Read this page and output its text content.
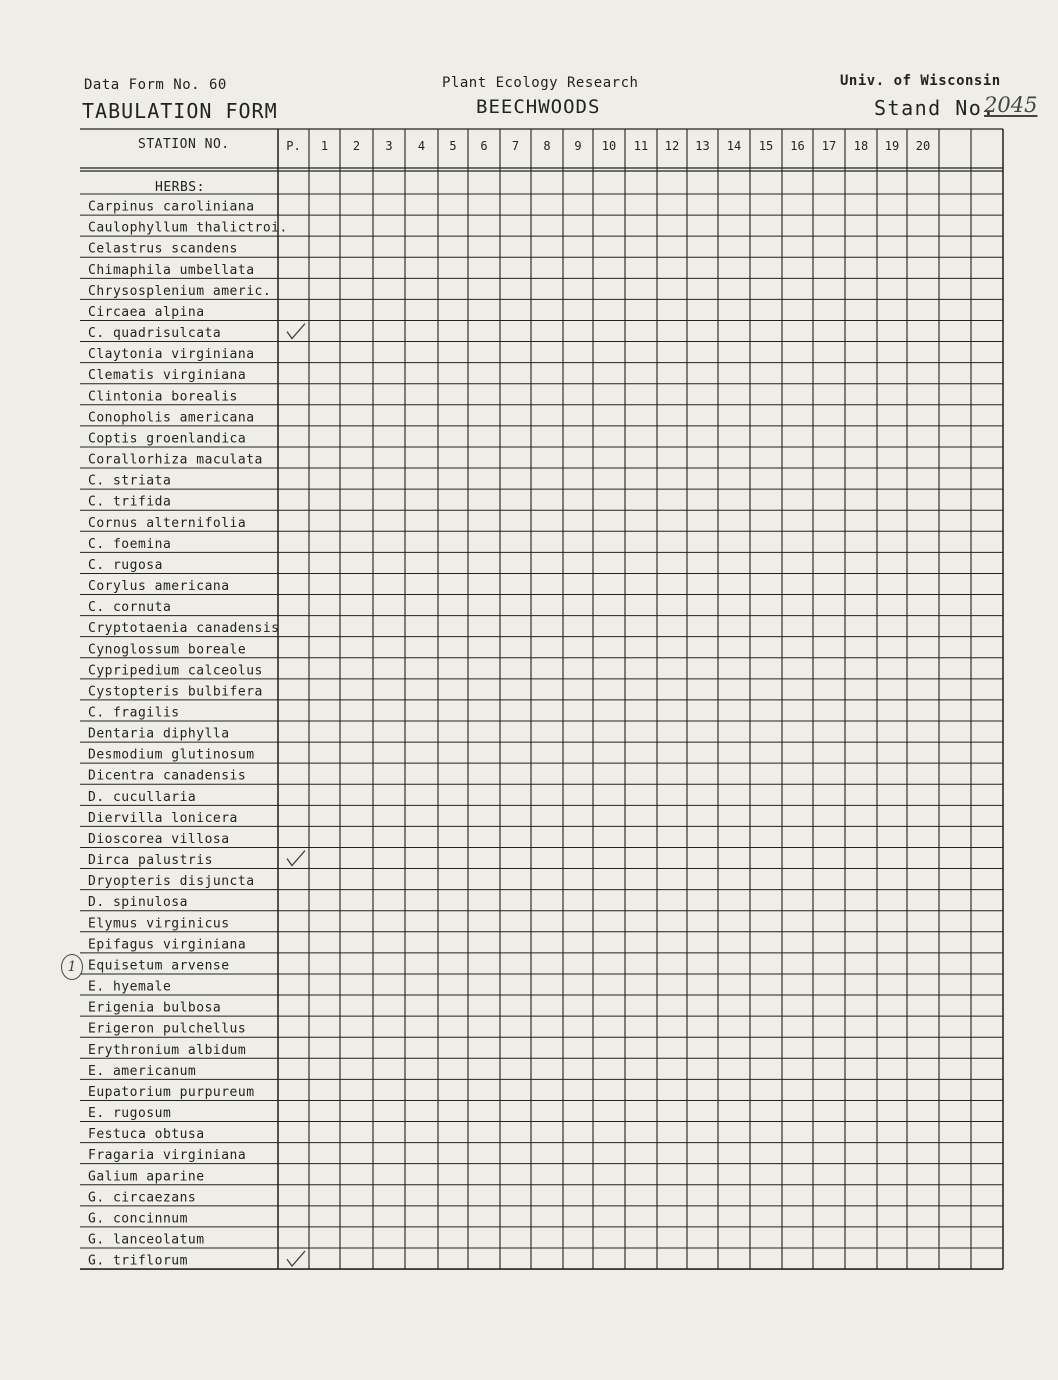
Data Form No. 60
TABULATION FORM
Plant Ecology Research
BEECHWOODS
Univ. of Wisconsin
Stand No.
2045
STATION NO.	P. 1 2 3 4 5 6 7 8 9 10 11 12 13 14 15 16 17 18 19 20
HERBS:
Carpinus caroliniana
Caulophyllum thalictroi.
Celastrus scandens
Chimaphila umbellata
Chrysosplenium americ.
Circaea alpina
C. quadrisulcata
Claytonia virginiana
Clematis virginiana
Clintonia borealis
Conopholis americana
Coptis groenlandica
Corallorhiza maculata
C. striata
C. trifida
Cornus alternifolia
C. foemina
C. rugosa
Corylus americana
C. cornuta
Cryptotaenia canadensis
Cynoglossum boreale
Cypripedium calceolus
Cystopteris bulbifera
C. fragilis
Dentaria diphylla
Desmodium glutinosum
Dicentra canadensis
D. cucullaria
Diervilla lonicera
Dioscorea villosa
Dirca palustris
Dryopteris disjuncta
D. spinulosa
Elymus virginicus
Epifagus virginiana
Equisetum arvense
E. hyemale
Erigenia bulbosa
Erigeron pulchellus
Erythronium albidum
E. americanum
Eupatorium purpureum
E. rugosum
Festuca obtusa
Fragaria virginiana
Galium aparine
G. circaezans
G. concinnum
G. lanceolatum
G. triflorum
1
